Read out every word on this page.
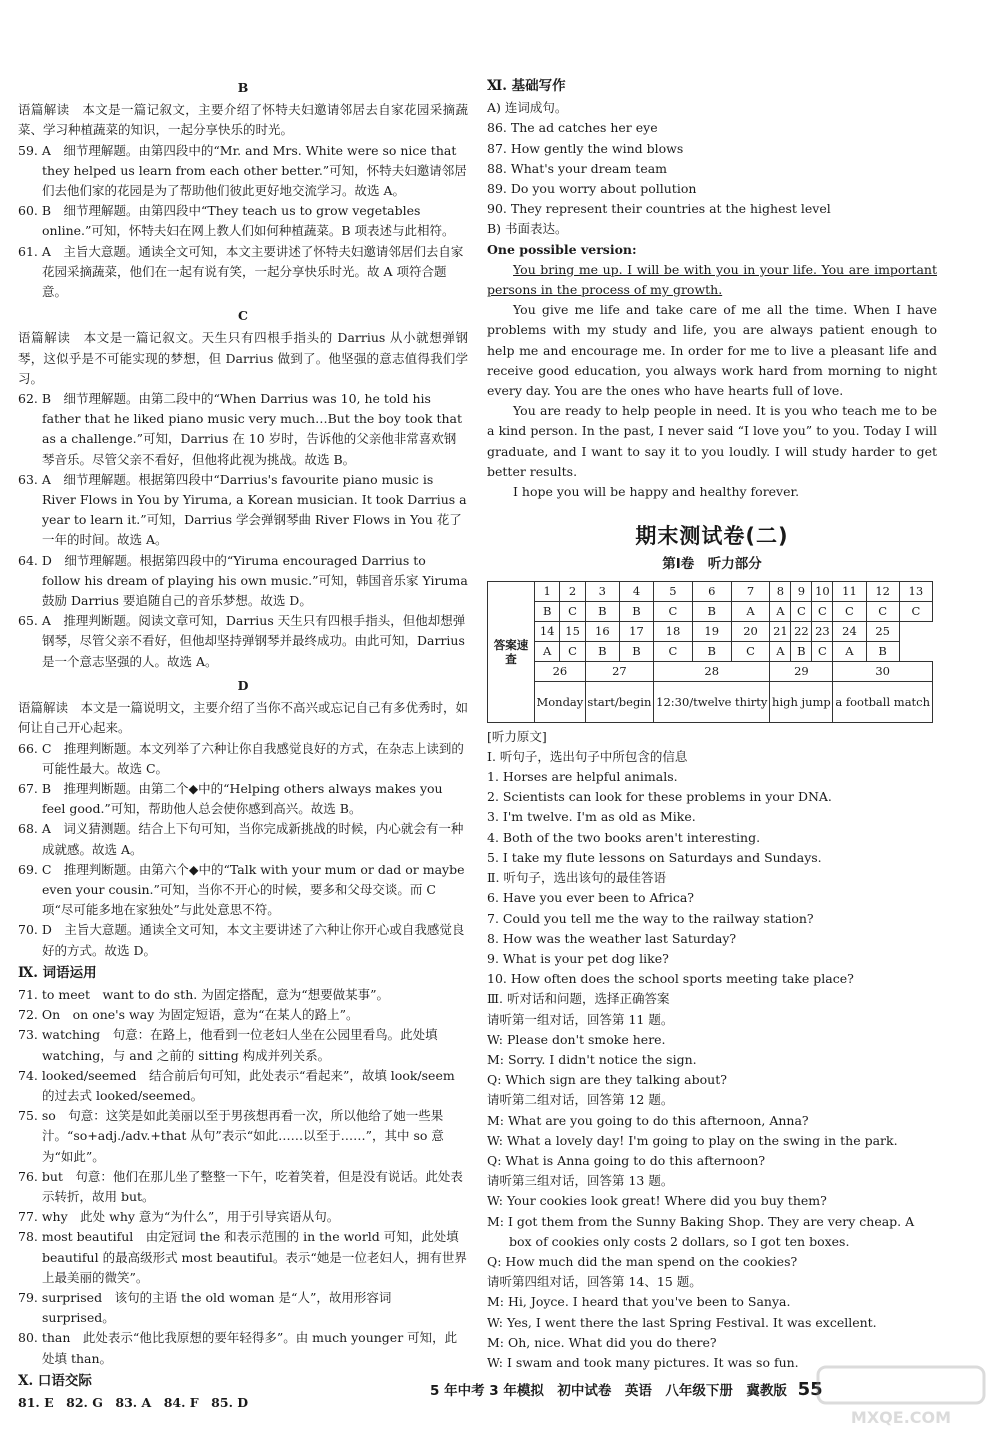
B

语篇解读　本文是一篇记叙文，主要介绍了怀特夫妇邀请邻居去自家花园采摘蔬菜、学习种植蔬菜的知识，一起分享快乐的时光。

59. A　细节理解题。由第四段中的“Mr. and Mrs. White were so nice that they helped us learn from each other better.”可知，怀特夫妇邀请邻居们去他们家的花园是为了帮助他们彼此更好地交流学习。故选 A。

60. B　细节理解题。由第四段中“They teach us to grow vegetables online.”可知，怀特夫妇在网上教人们如何种植蔬菜。B 项表述与此相符。

61. A　主旨大意题。通读全文可知，本文主要讲述了怀特夫妇邀请邻居们去自家花园采摘蔬菜，他们在一起有说有笑，一起分享快乐时光。故 A 项符合题意。

C

语篇解读　本文是一篇记叙文。天生只有四根手指头的 Darrius 从小就想弹钢琴，这似乎是不可能实现的梦想，但 Darrius 做到了。他坚强的意志值得我们学习。

62. B　细节理解题。由第二段中的“When Darrius was 10, he told his father that he liked piano music very much…But the boy took that as a challenge.”可知，Darrius 在 10 岁时，告诉他的父亲他非常喜欢钢琴音乐。尽管父亲不看好，但他将此视为挑战。故选 B。

63. A　细节理解题。根据第四段中“Darrius's favourite piano music is River Flows in You by Yiruma, a Korean musician. It took Darrius a year to learn it.”可知，Darrius 学会弹钢琴曲 River Flows in You 花了一年的时间。故选 A。

64. D　细节理解题。根据第四段中的“Yiruma encouraged Darrius to follow his dream of playing his own music.”可知，韩国音乐家 Yiruma 鼓励 Darrius 要追随自己的音乐梦想。故选 D。

65. A　推理判断题。阅读文章可知，Darrius 天生只有四根手指头，但他却想弹钢琴，尽管父亲不看好，但他却坚持弹钢琴并最终成功。由此可知，Darrius 是一个意志坚强的人。故选 A。

D

语篇解读　本文是一篇说明文，主要介绍了当你不高兴或忘记自己有多优秀时，如何让自己开心起来。

66. C　推理判断题。本文列举了六种让你自我感觉良好的方式，在杂志上读到的可能性最大。故选 C。

67. B　推理判断题。由第二个◆中的“Helping others always makes you feel good.”可知，帮助他人总会使你感到高兴。故选 B。

68. A　词义猜测题。结合上下句可知，当你完成新挑战的时候，内心就会有一种成就感。故选 A。

69. C　推理判断题。由第六个◆中的“Talk with your mum or dad or maybe even your cousin.”可知，当你不开心的时候，要多和父母交谈。而 C 项“尽可能多地在家独处”与此处意思不符。

70. D　主旨大意题。通读全文可知，本文主要讲述了六种让你开心或自我感觉良好的方式。故选 D。

Ⅸ. 词语运用

71. to meet　want to do sth. 为固定搭配，意为“想要做某事”。

72. On　on one's way 为固定短语，意为“在某人的路上”。

73. watching　句意：在路上，他看到一位老妇人坐在公园里看鸟。此处填 watching，与 and 之前的 sitting 构成并列关系。

74. looked/seemed　结合前后句可知，此处表示“看起来”，故填 look/seem 的过去式 looked/seemed。

75. so　句意：这笑是如此美丽以至于男孩想再看一次，所以他给了她一些果汁。“so+adj./adv.+that 从句”表示“如此……以至于……”，其中 so 意为“如此”。

76. but　句意：他们在那儿坐了整整一下午，吃着笑着，但是没有说话。此处表示转折，故用 but。

77. why　此处 why 意为“为什么”，用于引导宾语从句。

78. most beautiful　由定冠词 the 和表示范围的 in the world 可知，此处填 beautiful 的最高级形式 most beautiful。表示“她是一位老妇人，拥有世界上最美丽的微笑”。

79. surprised　该句的主语 the old woman 是“人”，故用形容词 surprised。

80. than　此处表示“他比我原想的要年轻得多”。由 much younger 可知，此处填 than。

Ⅹ. 口语交际

81. E　82. G　83. A　84. F　85. D

Ⅺ. 基础写作

A) 连词成句。

86. The ad catches her eye

87. How gently the wind blows

88. What's your dream team

89. Do you worry about pollution

90. They represent their countries at the highest level

B) 书面表达。

One possible version:

You bring me up. I will be with you in your life. You are important persons in the process of my growth.

You give me life and take care of me all the time. When I have problems with my study and life, you are always patient enough to help me and encourage me. In order for me to live a pleasant life and receive good education, you always work hard from morning to night every day. You are the ones who have hearts full of love.

You are ready to help people in need. It is you who teach me to be a kind person. In the past, I never said “I love you” to you. Today I will graduate, and I want to say it to you loudly. I will study harder to get better results.

I hope you will be happy and healthy forever.

期末测试卷(二)
第Ⅰ卷　听力部分
答案速查	1	2	3	4	5	6	7	8	9	10	11	12	13
	B	C	B	B	C	B	A	A	C	C	C	C	C
	14	15	16	17	18	19	20	21	22	23	24	25	
	A	C	B	B	C	B	C	A	B	C	A	B	
	26		27		28			29			30		
	Monday		start/begin		12:30/twelve thirty			high jump			a football match		

[听力原文]

Ⅰ. 听句子，选出句子中所包含的信息

1. Horses are helpful animals.

2. Scientists can look for these problems in your DNA.

3. I'm twelve. I'm as old as Mike.

4. Both of the two books aren't interesting.

5. I take my flute lessons on Saturdays and Sundays.

Ⅱ. 听句子，选出该句的最佳答语

6. Have you ever been to Africa?

7. Could you tell me the way to the railway station?

8. How was the weather last Saturday?

9. What is your pet dog like?

10. How often does the school sports meeting take place?

Ⅲ. 听对话和问题，选择正确答案

请听第一组对话，回答第 11 题。

W: Please don't smoke here.

M: Sorry. I didn't notice the sign.

Q: Which sign are they talking about?

请听第二组对话，回答第 12 题。

M: What are you going to do this afternoon, Anna?

W: What a lovely day! I'm going to play on the swing in the park.

Q: What is Anna going to do this afternoon?

请听第三组对话，回答第 13 题。

W: Your cookies look great! Where did you buy them?

M: I got them from the Sunny Baking Shop. They are very cheap. A box of cookies only costs 2 dollars, so I got ten boxes.

Q: How much did the man spend on the cookies?

请听第四组对话，回答第 14、15 题。

M: Hi, Joyce. I heard that you've been to Sanya.

W: Yes, I went there the last Spring Festival. It was excellent.

M: Oh, nice. What did you do there?

W: I swam and took many pictures. It was so fun.

5 年中考 3 年模拟　初中试卷　英语　八年级下册　冀教版 55
MXQE.COM
